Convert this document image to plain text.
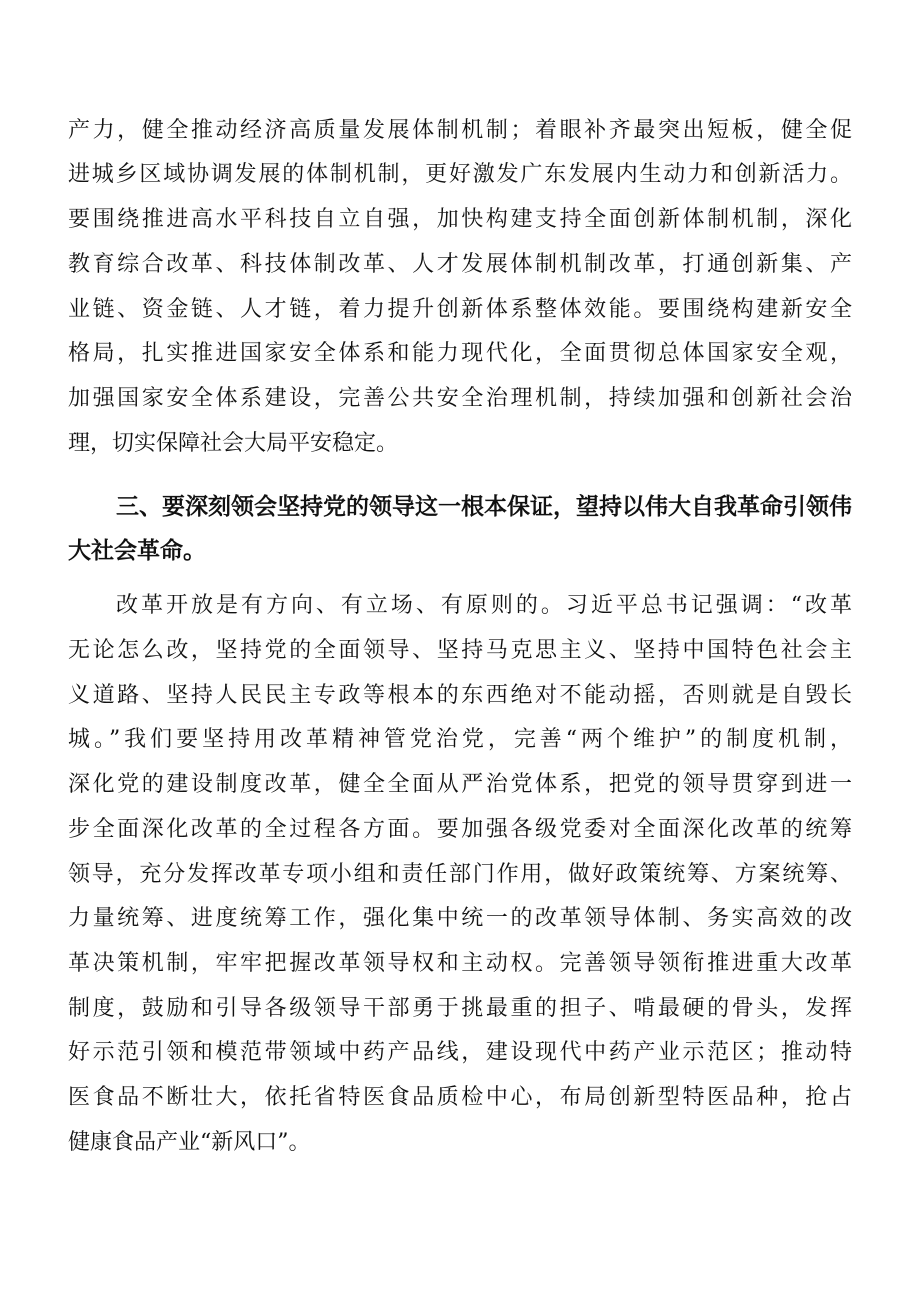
产力，健全推动经济高质量发展体制机制；着眼补齐最突出短板，健全促
进城乡区域协调发展的体制机制，更好激发广东发展内生动力和创新活力。
要围绕推进高水平科技自立自强，加快构建支持全面创新体制机制，深化
教育综合改革、科技体制改革、人才发展体制机制改革，打通创新集、产
业链、资金链、人才链，着力提升创新体系整体效能。要围绕构建新安全
格局，扎实推进国家安全体系和能力现代化，全面贯彻总体国家安全观，
加强国家安全体系建设，完善公共安全治理机制，持续加强和创新社会治
理，切实保障社会大局平安稳定。
三、要深刻领会坚持党的领导这一根本保证，望持以伟大自我革命引领伟
大社会革命。
改革开放是有方向、有立场、有原则的。习近平总书记强调：“改革
无论怎么改，坚持党的全面领导、坚持马克思主义、坚持中国特色社会主
义道路、坚持人民民主专政等根本的东西绝对不能动摇，否则就是自毁长
城。”我们要坚持用改革精神管党治党，完善“两个维护”的制度机制，
深化党的建设制度改革，健全全面从严治党体系，把党的领导贯穿到进一
步全面深化改革的全过程各方面。要加强各级党委对全面深化改革的统筹
领导，充分发挥改革专项小组和责任部门作用，做好政策统筹、方案统筹、
力量统筹、进度统筹工作，强化集中统一的改革领导体制、务实高效的改
革决策机制，牢牢把握改革领导权和主动权。完善领导领衔推进重大改革
制度，鼓励和引导各级领导干部勇于挑最重的担子、啃最硬的骨头，发挥
好示范引领和模范带领域中药产品线，建设现代中药产业示范区；推动特
医食品不断壮大，依托省特医食品质检中心，布局创新型特医品种，抢占
健康食品产业“新风口”。
